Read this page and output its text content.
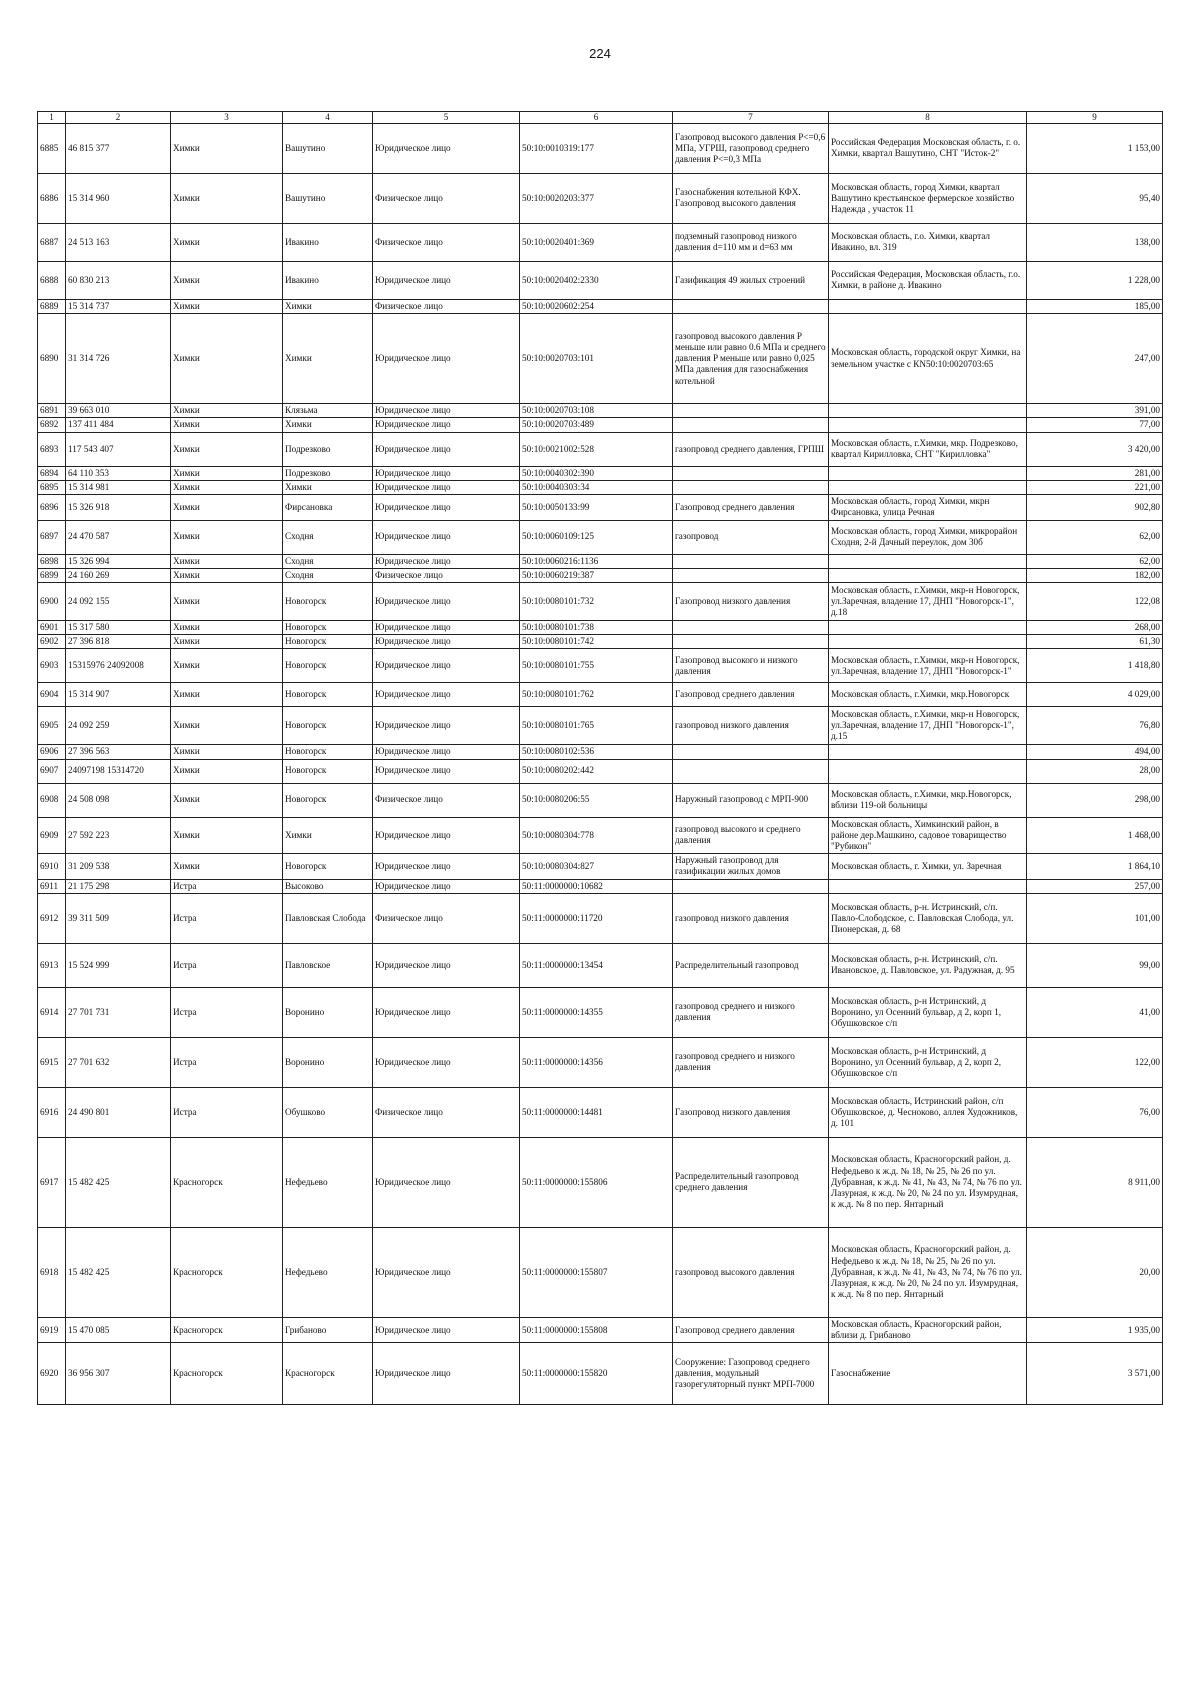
224
1	2	3	4	5	6	7	8	9
6885	46 815 377	Химки	Вашутино	Юридическое лицо	50:10:0010319:177	Газопровод высокого давления P<=0,6 МПа, УГРШ, газопровод среднего давления P<=0,3 МПа	Российская Федерация Московская область, г. о. Химки, квартал Вашутино, СНТ "Исток-2"	1 153,00
6886	15 314 960	Химки	Вашутино	Физическое лицо	50:10:0020203:377	Газоснабжения котельной КФХ. Газопровод высокого давления	Московская область, город Химки, квартал Вашутино крестьянское фермерское хозяйство Надежда , участок 11	95,40
6887	24 513 163	Химки	Ивакино	Физическое лицо	50:10:0020401:369	подземный газопровод низкого давления d=110 мм и d=63 мм	Московская область, г.о. Химки, квартал Ивакино, вл. 319	138,00
6888	60 830 213	Химки	Ивакино	Юридическое лицо	50:10:0020402:2330	Газификация 49 жилых строений	Российская Федерация, Московская область, г.о. Химки, в районе д. Ивакино	1 228,00
6889	15 314 737	Химки	Химки	Физическое лицо	50:10:0020602:254			185,00
6890	31 314 726	Химки	Химки	Юридическое лицо	50:10:0020703:101	газопровод высокого давления P меньше или равно 0.6 МПа и среднего давления P меньше или равно 0,025 МПа давления для газоснабжения котельной	Московская область, городской округ Химки, на земельном участке с КN50:10:0020703:65	247,00
6891	39 663 010	Химки	Клязьма	Юридическое лицо	50:10:0020703:108			391,00
6892	137 411 484	Химки	Химки	Юридическое лицо	50:10:0020703:489			77,00
6893	117 543 407	Химки	Подрезково	Юридическое лицо	50:10:0021002:528	газопровод среднего давления, ГРПШ	Московская область, г.Химки, мкр. Подрезково, квартал Кирилловка, СНТ "Кирилловка"	3 420,00
6894	64 110 353	Химки	Подрезково	Юридическое лицо	50:10:0040302:390			281,00
6895	15 314 981	Химки	Химки	Юридическое лицо	50:10:0040303:34			221,00
6896	15 326 918	Химки	Фирсановка	Юридическое лицо	50:10:0050133:99	Газопровод среднего давления	Московская область, город Химки, мкрн Фирсановка, улица Речная	902,80
6897	24 470 587	Химки	Сходня	Юридическое лицо	50:10:0060109:125	газопровод	Московская область, город Химки, микрорайон Сходня, 2-й Дачный переулок, дом 30б	62,00
6898	15 326 994	Химки	Сходня	Юридическое лицо	50:10:0060216:1136			62,00
6899	24 160 269	Химки	Сходня	Физическое лицо	50:10:0060219:387			182,00
6900	24 092 155	Химки	Новогорск	Юридическое лицо	50:10:0080101:732	Газопровод низкого давления	Московская область, г.Химки, мкр-н Новогорск, ул.Заречная, владение 17, ДНП "Новогорск-1", д.18	122,08
6901	15 317 580	Химки	Новогорск	Юридическое лицо	50:10:0080101:738			268,00
6902	27 396 818	Химки	Новогорск	Юридическое лицо	50:10:0080101:742			61,30
6903	15315976 24092008	Химки	Новогорск	Юридическое лицо	50:10:0080101:755	Газопровод высокого и низкого давления	Московская область, г.Химки, мкр-н Новогорск, ул.Заречная, владение 17, ДНП "Новогорск-1"	1 418,80
6904	15 314 907	Химки	Новогорск	Юридическое лицо	50:10:0080101:762	Газопровод среднего давления	Московская область, г.Химки, мкр.Новогорск	4 029,00
6905	24 092 259	Химки	Новогорск	Юридическое лицо	50:10:0080101:765	газопровод низкого давления	Московская область, г.Химки, мкр-н Новогорск, ул.Заречная, владение 17, ДНП "Новогорск-1", д.15	76,80
6906	27 396 563	Химки	Новогорск	Юридическое лицо	50:10:0080102:536			494,00
6907	24097198 15314720	Химки	Новогорск	Юридическое лицо	50:10:0080202:442			28,00
6908	24 508 098	Химки	Новогорск	Физическое лицо	50:10:0080206:55	Наружный газопровод с МРП-900	Московская область, г.Химки, мкр.Новогорск, вблизи 119-ой больницы	298,00
6909	27 592 223	Химки	Химки	Юридическое лицо	50:10:0080304:778	газопровод высокого и среднего давления	Московская область, Химкинский район, в районе дер.Машкино, садовое товарищество "Рубикон"	1 468,00
6910	31 209 538	Химки	Новогорск	Юридическое лицо	50:10:0080304:827	Наружный газопровод для газификации жилых домов	Московская область, г. Химки, ул. Заречная	1 864,10
6911	21 175 298	Истра	Высоково	Юридическое лицо	50:11:0000000:10682			257,00
6912	39 311 509	Истра	Павловская Слобода	Физическое лицо	50:11:0000000:11720	газопровод низкого давления	Московская область, р-н. Истринский, с/п. Павло-Слободское, с. Павловская Слобода, ул. Пионерская, д. 68	101,00
6913	15 524 999	Истра	Павловское	Юридическое лицо	50:11:0000000:13454	Распределительный газопровод	Московская область, р-н. Истринский, с/п. Ивановское, д. Павловское, ул. Радужная, д. 95	99,00
6914	27 701 731	Истра	Воронино	Юридическое лицо	50:11:0000000:14355	газопровод среднего и низкого давления	Московская область, р-н Истринский, д Воронино, ул Осенний бульвар, д 2, корп 1, Обушковское с/п	41,00
6915	27 701 632	Истра	Воронино	Юридическое лицо	50:11:0000000:14356	газопровод среднего и низкого давления	Московская область, р-н Истринский, д Воронино, ул Осенний бульвар, д 2, корп 2, Обушковское с/п	122,00
6916	24 490 801	Истра	Обушково	Физическое лицо	50:11:0000000:14481	Газопровод низкого давления	Московская область, Истринский район, с/п Обушковское, д. Чесноково, аллея Художников, д. 101	76,00
6917	15 482 425	Красногорск	Нефедьево	Юридическое лицо	50:11:0000000:155806	Распределительный газопровод среднего давления	Московская область, Красногорский район, д. Нефедьево к ж.д. № 18, № 25, № 26 по ул. Дубравная, к ж.д. № 41, № 43, № 74, № 76 по ул. Лазурная, к ж.д. № 20, № 24 по ул. Изумрудная, к ж.д. № 8 по пер. Янтарный	8 911,00
6918	15 482 425	Красногорск	Нефедьево	Юридическое лицо	50:11:0000000:155807	газопровод высокого давления	Московская область, Красногорский район, д. Нефедьево к ж.д. № 18, № 25, № 26 по ул. Дубравная, к ж.д. № 41, № 43, № 74, № 76 по ул. Лазурная, к ж.д. № 20, № 24 по ул. Изумрудная, к ж.д. № 8 по пер. Янтарный	20,00
6919	15 470 085	Красногорск	Грибаново	Юридическое лицо	50:11:0000000:155808	Газопровод среднего давления	Московская область, Красногорский район, вблизи д. Грибаново	1 935,00
6920	36 956 307	Красногорск	Красногорск	Юридическое лицо	50:11:0000000:155820	Сооружение: Газопровод среднего давления, модульный газорегуляторный пункт МРП-7000	Газоснабжение	3 571,00
